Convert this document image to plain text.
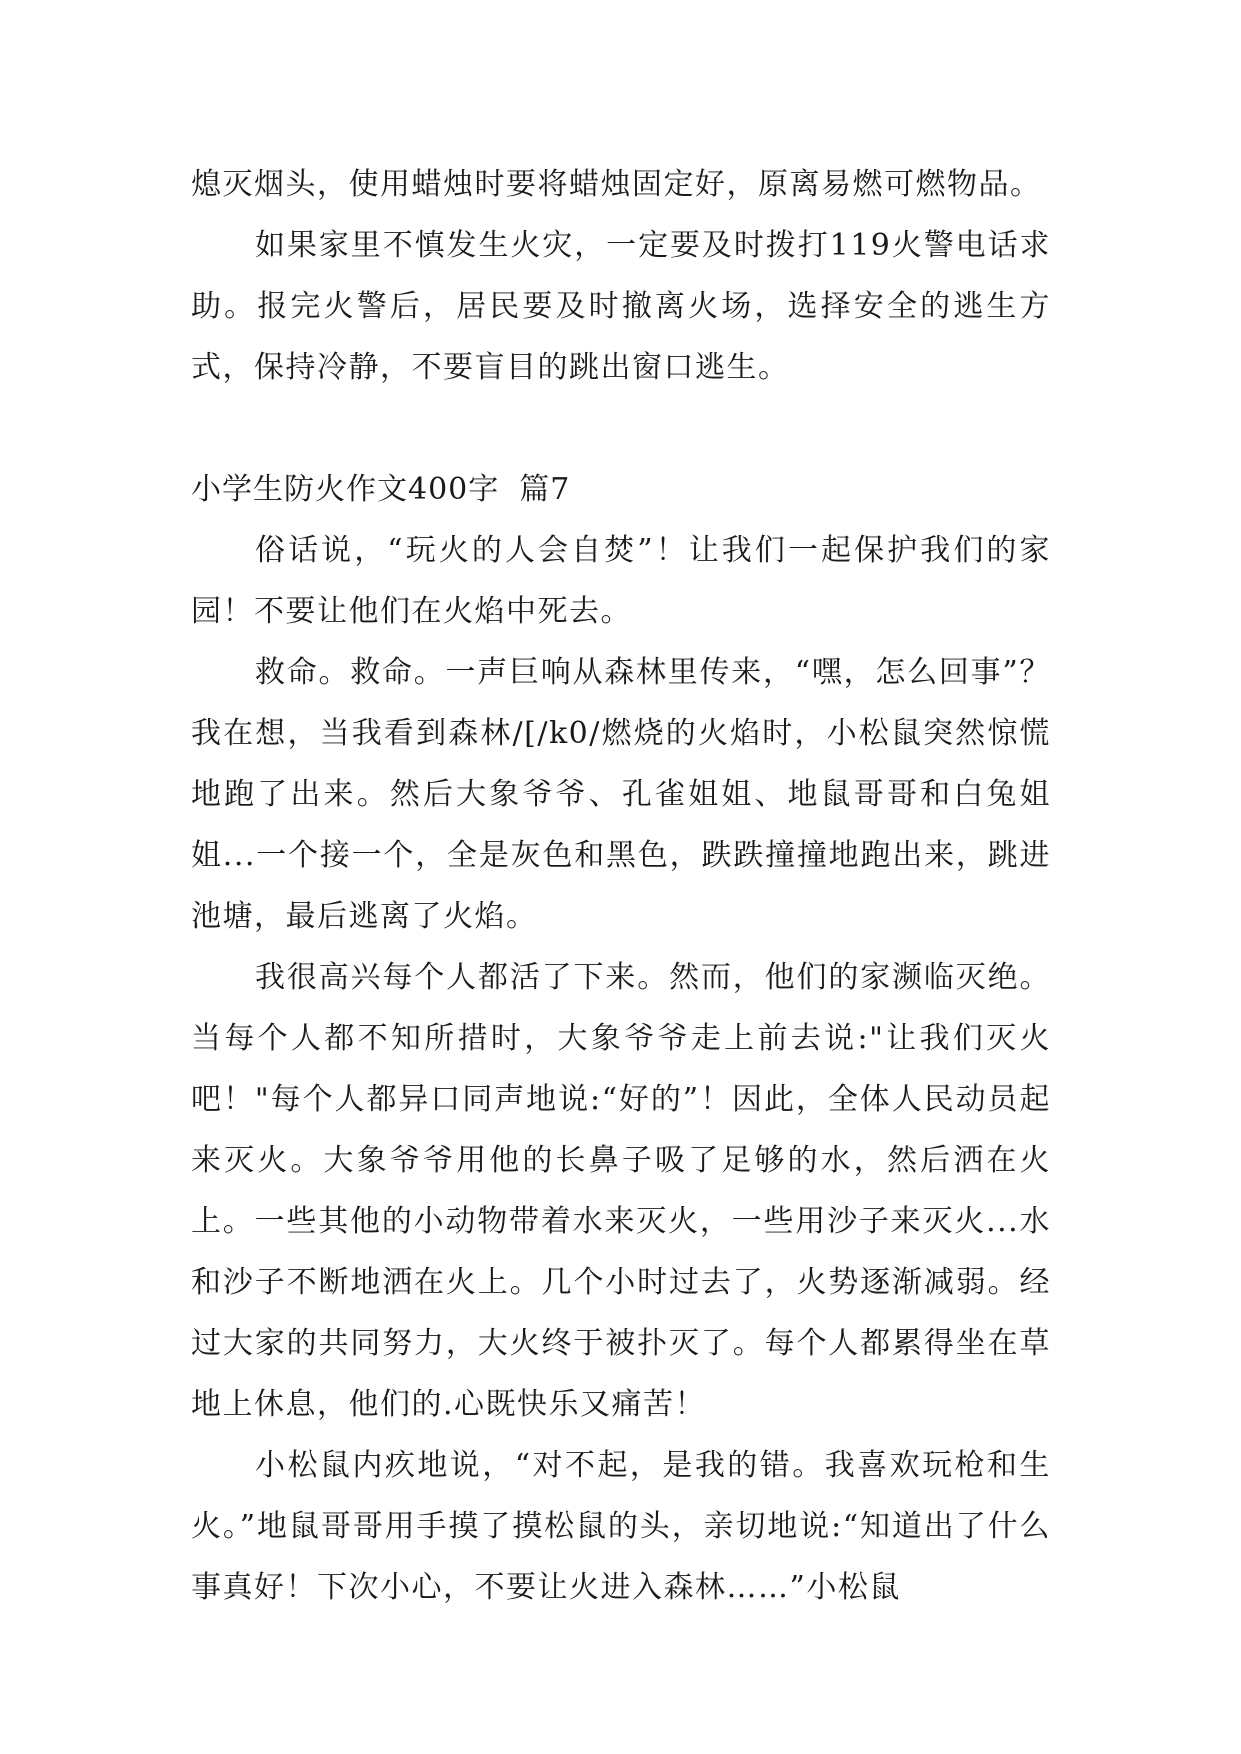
熄灭烟头，使用蜡烛时要将蜡烛固定好，原离易燃可燃物品。

如果家里不慎发生火灾，一定要及时拨打119火警电话求助。报完火警后，居民要及时撤离火场，选择安全的逃生方式，保持冷静，不要盲目的跳出窗口逃生。

小学生防火作文400字 篇7

俗话说，“玩火的人会自焚”！让我们一起保护我们的家园！不要让他们在火焰中死去。

救命。救命。一声巨响从森林里传来，“嘿，怎么回事”？我在想，当我看到森林/[/k0/燃烧的火焰时，小松鼠突然惊慌地跑了出来。然后大象爷爷、孔雀姐姐、地鼠哥哥和白兔姐姐...一个接一个，全是灰色和黑色，跌跌撞撞地跑出来，跳进池塘，最后逃离了火焰。

我很高兴每个人都活了下来。然而，他们的家濒临灭绝。当每个人都不知所措时，大象爷爷走上前去说:"让我们灭火吧！"每个人都异口同声地说:“好的”！因此，全体人民动员起来灭火。大象爷爷用他的长鼻子吸了足够的水，然后洒在火上。一些其他的小动物带着水来灭火，一些用沙子来灭火...水和沙子不断地洒在火上。几个小时过去了，火势逐渐减弱。经过大家的共同努力，大火终于被扑灭了。每个人都累得坐在草地上休息，他们的.心既快乐又痛苦！

小松鼠内疚地说，“对不起，是我的错。我喜欢玩枪和生火。”地鼠哥哥用手摸了摸松鼠的头，亲切地说:“知道出了什么事真好！下次小心，不要让火进入森林……”小松鼠
